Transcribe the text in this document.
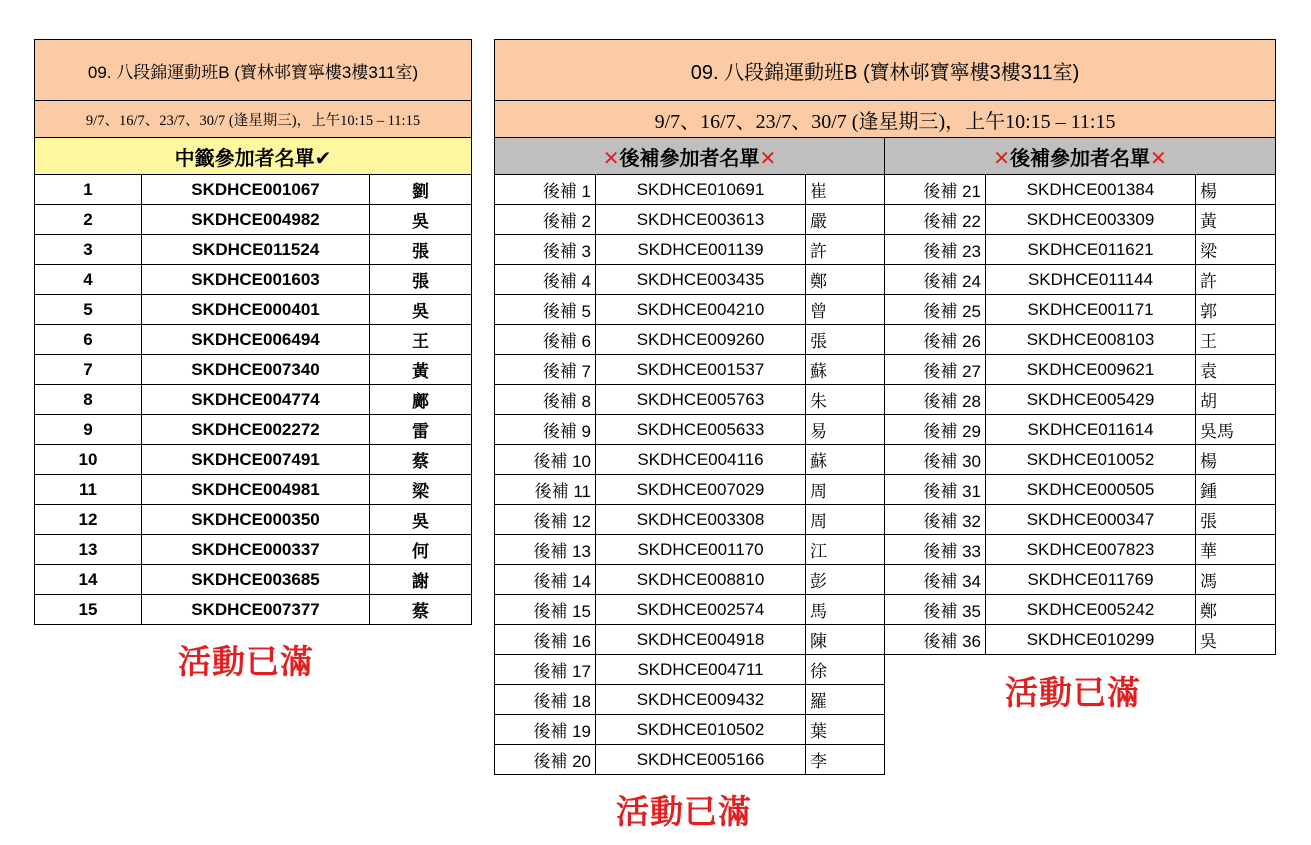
09. 八段錦運動班B (寶林邨寶寧樓3樓311室)		
9/7、16/7、23/7、30/7 (逢星期三)，上午10:15 – 11:15		
中籤參加者名單✔		
1	SKDHCE001067	劉
2	SKDHCE004982	吳
3	SKDHCE011524	張
4	SKDHCE001603	張
5	SKDHCE000401	吳
6	SKDHCE006494	王
7	SKDHCE007340	黃
8	SKDHCE004774	鄺
9	SKDHCE002272	雷
10	SKDHCE007491	蔡
11	SKDHCE004981	梁
12	SKDHCE000350	吳
13	SKDHCE000337	何
14	SKDHCE003685	謝
15	SKDHCE007377	蔡
活動已滿
09. 八段錦運動班B (寶林邨寶寧樓3樓311室)					
9/7、16/7、23/7、30/7 (逢星期三)，上午10:15 – 11:15					
✕後補參加者名單✕			✕後補參加者名單✕		
後補 1	SKDHCE010691	崔	後補 21	SKDHCE001384	楊
後補 2	SKDHCE003613	嚴	後補 22	SKDHCE003309	黃
後補 3	SKDHCE001139	許	後補 23	SKDHCE011621	梁
後補 4	SKDHCE003435	鄭	後補 24	SKDHCE011144	許
後補 5	SKDHCE004210	曾	後補 25	SKDHCE001171	郭
後補 6	SKDHCE009260	張	後補 26	SKDHCE008103	王
後補 7	SKDHCE001537	蘇	後補 27	SKDHCE009621	袁
後補 8	SKDHCE005763	朱	後補 28	SKDHCE005429	胡
後補 9	SKDHCE005633	易	後補 29	SKDHCE011614	吳馬
後補 10	SKDHCE004116	蘇	後補 30	SKDHCE010052	楊
後補 11	SKDHCE007029	周	後補 31	SKDHCE000505	鍾
後補 12	SKDHCE003308	周	後補 32	SKDHCE000347	張
後補 13	SKDHCE001170	江	後補 33	SKDHCE007823	華
後補 14	SKDHCE008810	彭	後補 34	SKDHCE011769	馮
後補 15	SKDHCE002574	馬	後補 35	SKDHCE005242	鄭
後補 16	SKDHCE004918	陳	後補 36	SKDHCE010299	吳
後補 17	SKDHCE004711	徐			
後補 18	SKDHCE009432	羅			
後補 19	SKDHCE010502	葉			
後補 20	SKDHCE005166	李			
活動已滿
活動已滿
